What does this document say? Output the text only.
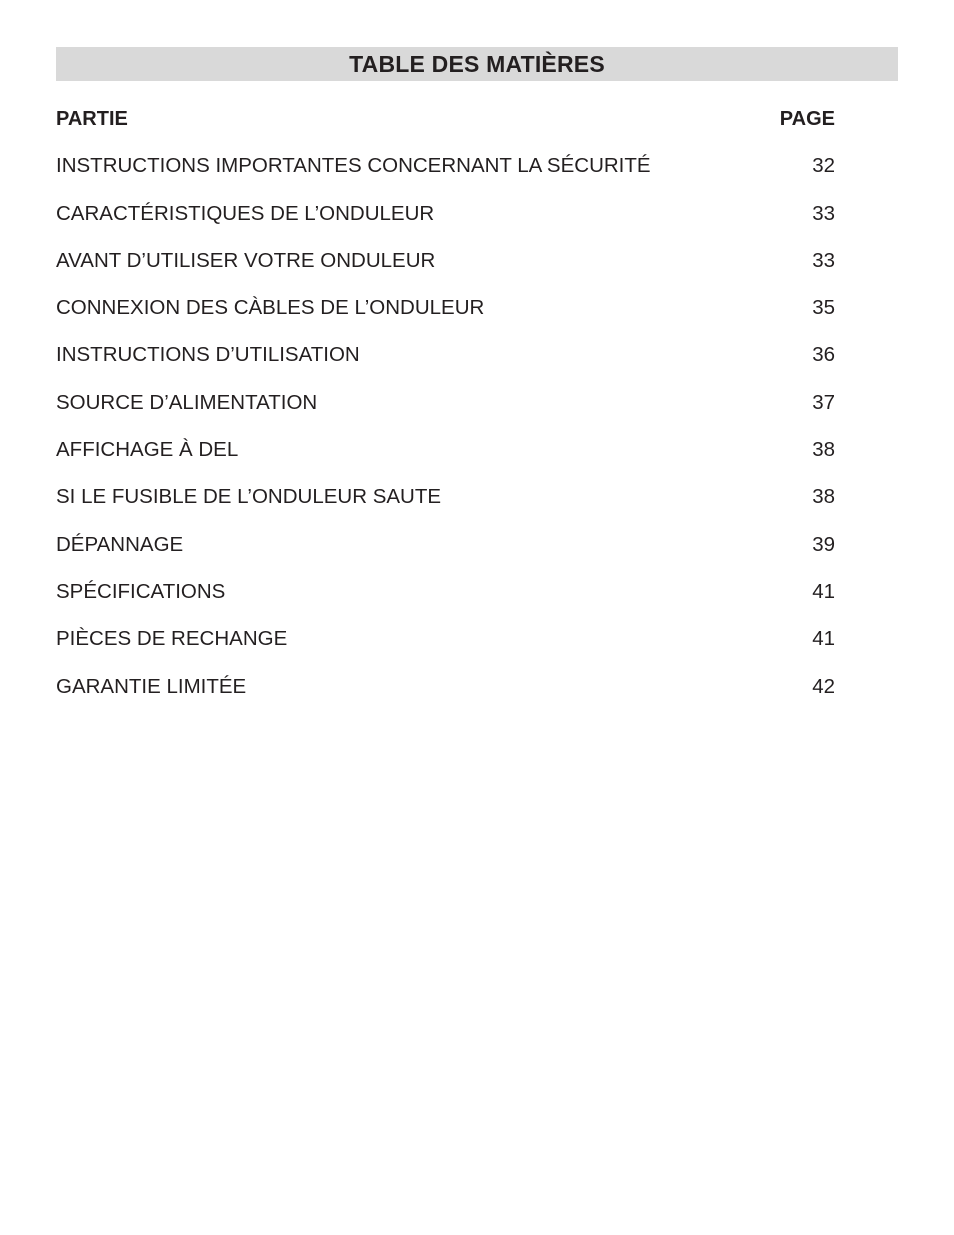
TABLE DES MATIÈRES
PARTIE	PAGE
INSTRUCTIONS IMPORTANTES CONCERNANT LA SÉCURITÉ	32
CARACTÉRISTIQUES DE L’ONDULEUR	33
AVANT D’UTILISER VOTRE ONDULEUR	33
CONNEXION DES CÀBLES DE L’ONDULEUR	35
INSTRUCTIONS D’UTILISATION	36
SOURCE D’ALIMENTATION	37
AFFICHAGE À DEL	38
SI LE FUSIBLE DE L’ONDULEUR SAUTE	38
DÉPANNAGE	39
SPÉCIFICATIONS	41
PIÈCES DE RECHANGE	41
GARANTIE LIMITÉE	42
